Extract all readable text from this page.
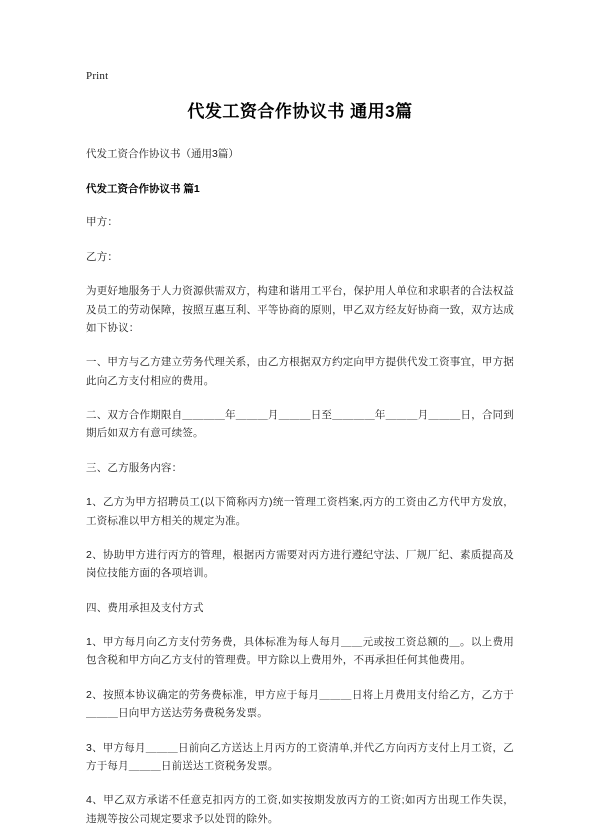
Print
代发工资合作协议书 通用3篇
代发工资合作协议书（通用3篇）
代发工资合作协议书 篇1

甲方：

乙方：

为更好地服务于人力资源供需双方，构建和谐用工平台，保护用人单位和求职者的合法权益及员工的劳动保障，按照互惠互利、平等协商的原则，甲乙双方经友好协商一致，双方达成如下协议：

一、甲方与乙方建立劳务代理关系，由乙方根据双方约定向甲方提供代发工资事宜，甲方据此向乙方支付相应的费用。

二、双方合作期限自＿＿＿＿年＿＿＿月＿＿＿日至＿＿＿＿年＿＿＿月＿＿＿日，合同到期后如双方有意可续签。

三、乙方服务内容：

1、乙方为甲方招聘员工(以下简称丙方)统一管理工资档案,丙方的工资由乙方代甲方发放，工资标准以甲方相关的规定为准。

2、协助甲方进行丙方的管理，根据丙方需要对丙方进行遵纪守法、厂规厂纪、素质提高及岗位技能方面的各项培训。

四、费用承担及支付方式

1、甲方每月向乙方支付劳务费，具体标准为每人每月＿＿元或按工资总额的＿。以上费用包含税和甲方向乙方支付的管理费。甲方除以上费用外，不再承担任何其他费用。

2、按照本协议确定的劳务费标准，甲方应于每月＿＿＿日将上月费用支付给乙方，乙方于＿＿＿日向甲方送达劳务费税务发票。

3、甲方每月＿＿＿日前向乙方送达上月丙方的工资清单,并代乙方向丙方支付上月工资，乙方于每月＿＿＿日前送达工资税务发票。

4、甲乙双方承诺不任意克扣丙方的工资,如实按期发放丙方的工资;如丙方出现工作失误，违规等按公司规定要求予以处罚的除外。
